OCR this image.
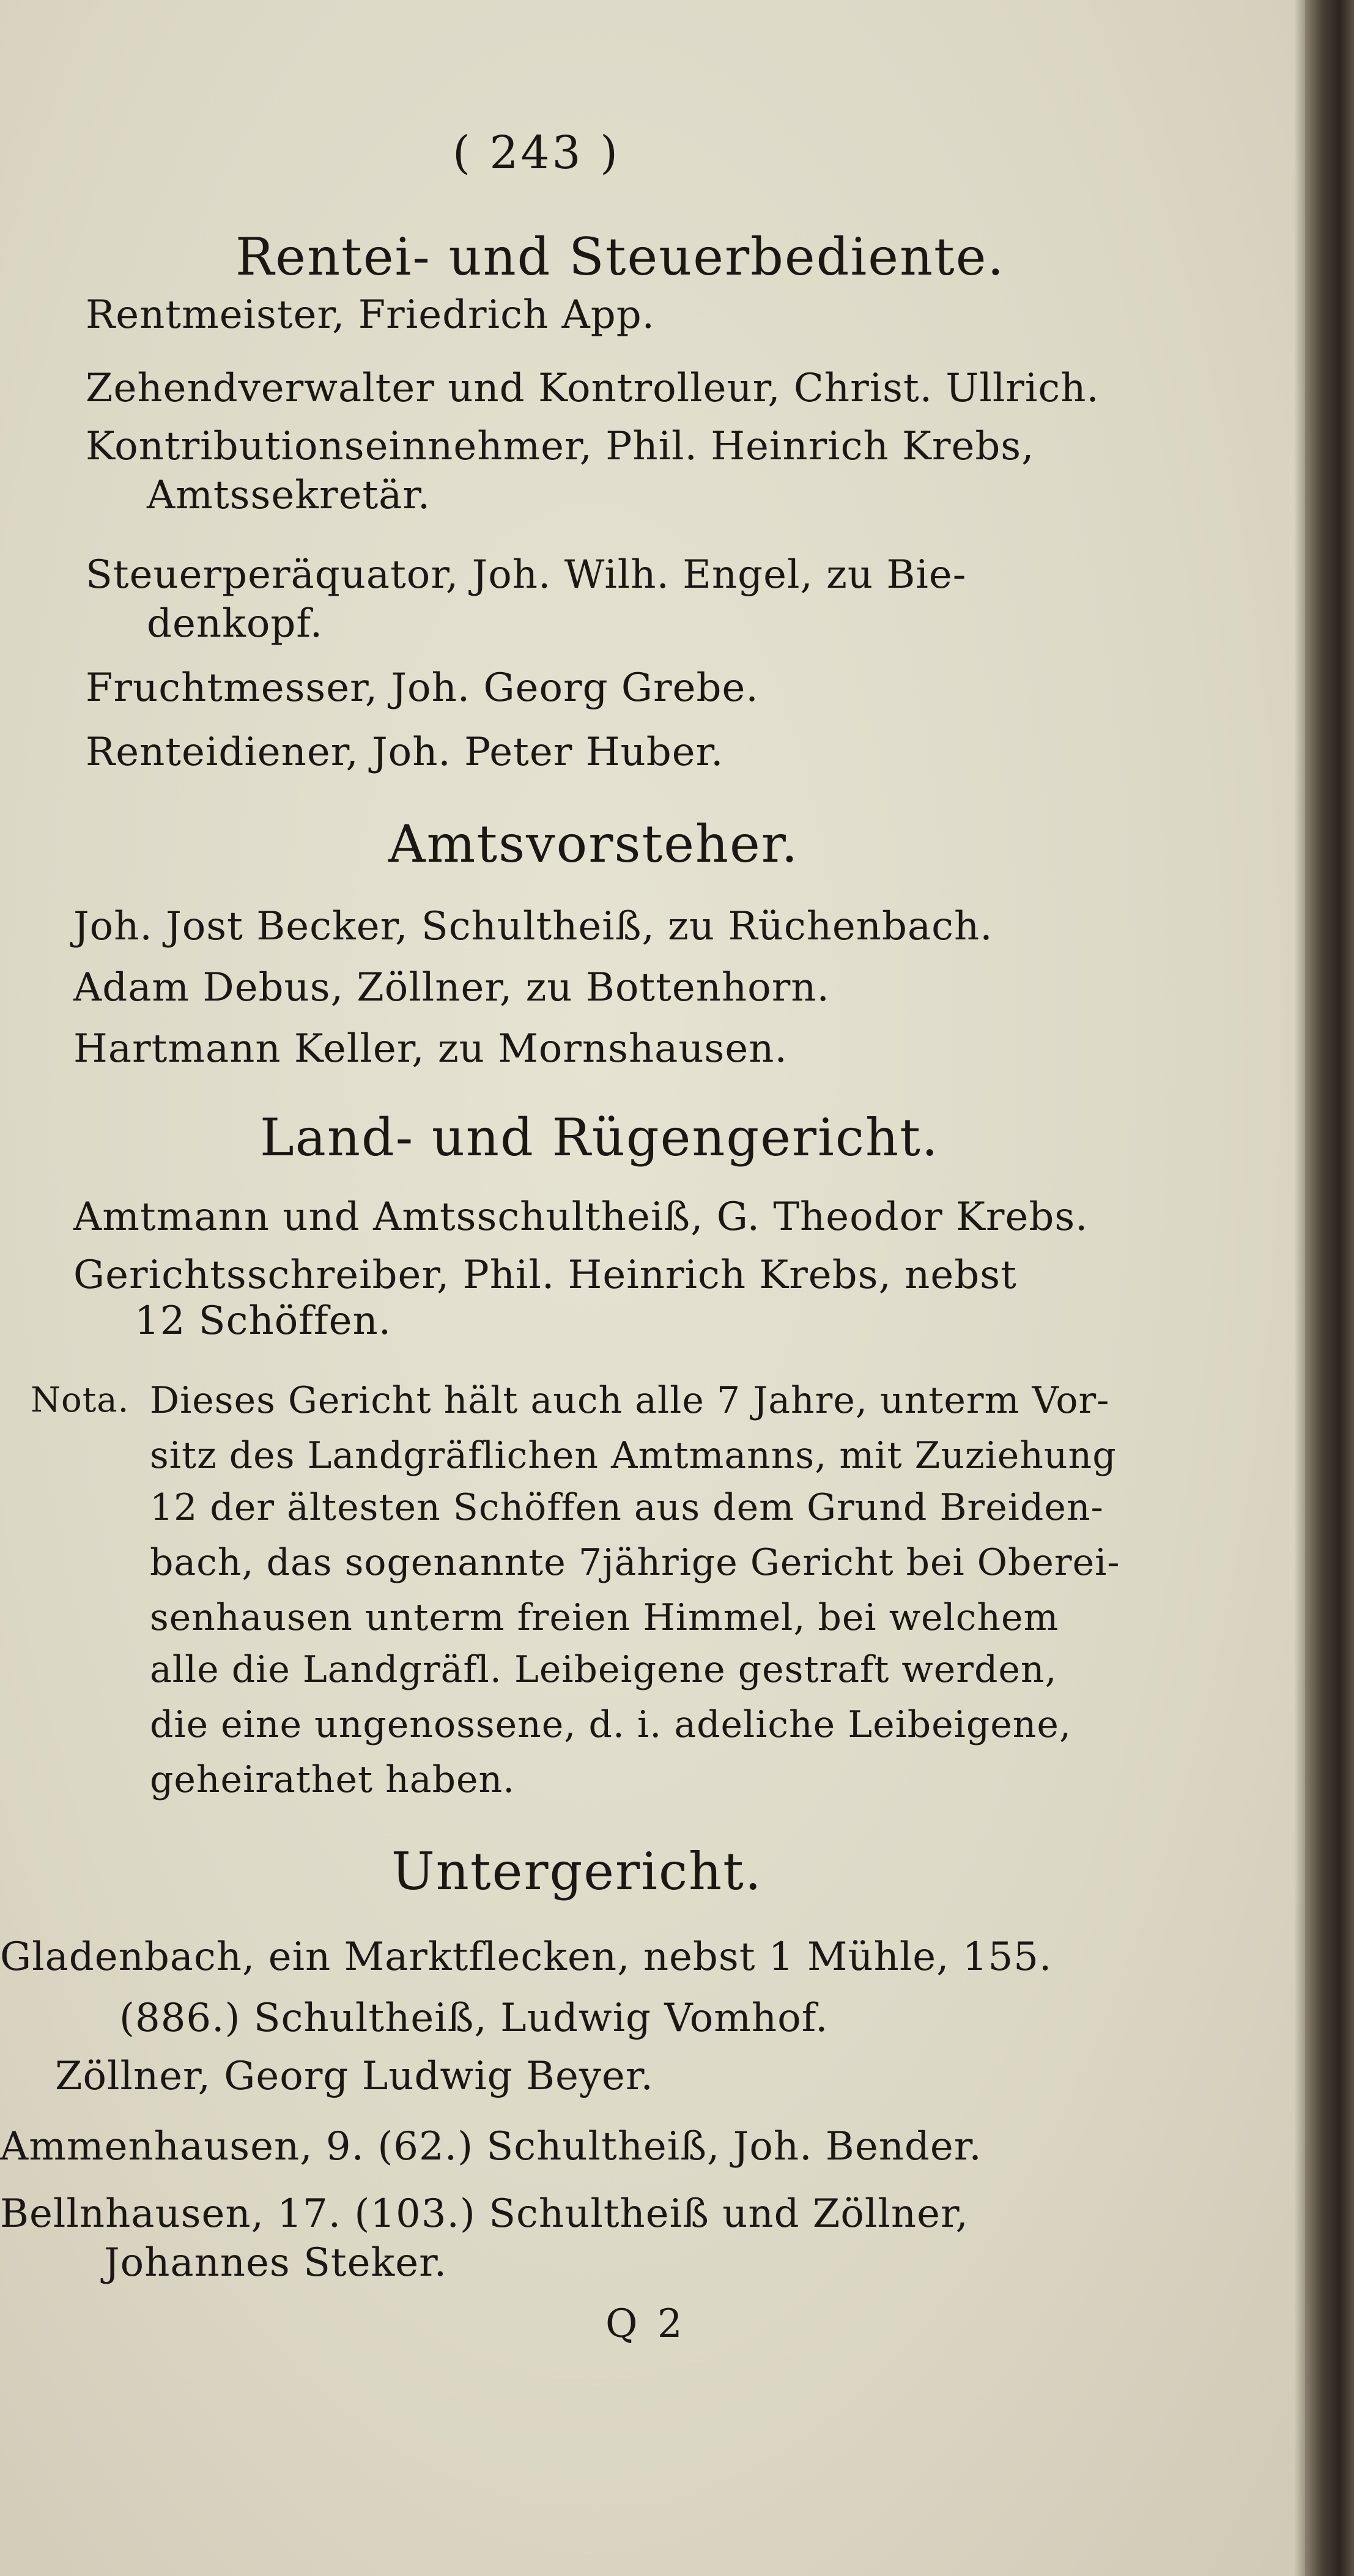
( 243 )
Rentei- und Steuerbediente.
Rentmeister, Friedrich App.
Zehendverwalter und Kontrolleur, Christ. Ullrich.
Kontributionseinnehmer, Phil. Heinrich Krebs,
Amtssekretär.
Steuerperäquator, Joh. Wilh. Engel, zu Bie-
denkopf.
Fruchtmesser, Joh. Georg Grebe.
Renteidiener, Joh. Peter Huber.
Amtsvorsteher.
Joh. Jost Becker, Schultheiß, zu Rüchenbach.
Adam Debus, Zöllner, zu Bottenhorn.
Hartmann Keller, zu Mornshausen.
Land- und Rügengericht.
Amtmann und Amtsschultheiß, G. Theodor Krebs.
Gerichtsschreiber, Phil. Heinrich Krebs, nebst
12 Schöffen.
Nota. Dieses Gericht hält auch alle 7 Jahre, unterm Vor-
sitz des Landgräflichen Amtmanns, mit Zuziehung
12 der ältesten Schöffen aus dem Grund Breiden-
bach, das sogenannte 7jährige Gericht bei Oberei-
senhausen unterm freien Himmel, bei welchem
alle die Landgräfl. Leibeigene gestraft werden,
die eine ungenossene, d. i. adeliche Leibeigene,
geheirathet haben.
Untergericht.
Gladenbach, ein Marktflecken, nebst 1 Mühle, 155.
(886.) Schultheiß, Ludwig Vomhof.
Zöllner, Georg Ludwig Beyer.
Ammenhausen, 9. (62.) Schultheiß, Joh. Bender.
Bellnhausen, 17. (103.) Schultheiß und Zöllner,
Johannes Steker.
Q 2
